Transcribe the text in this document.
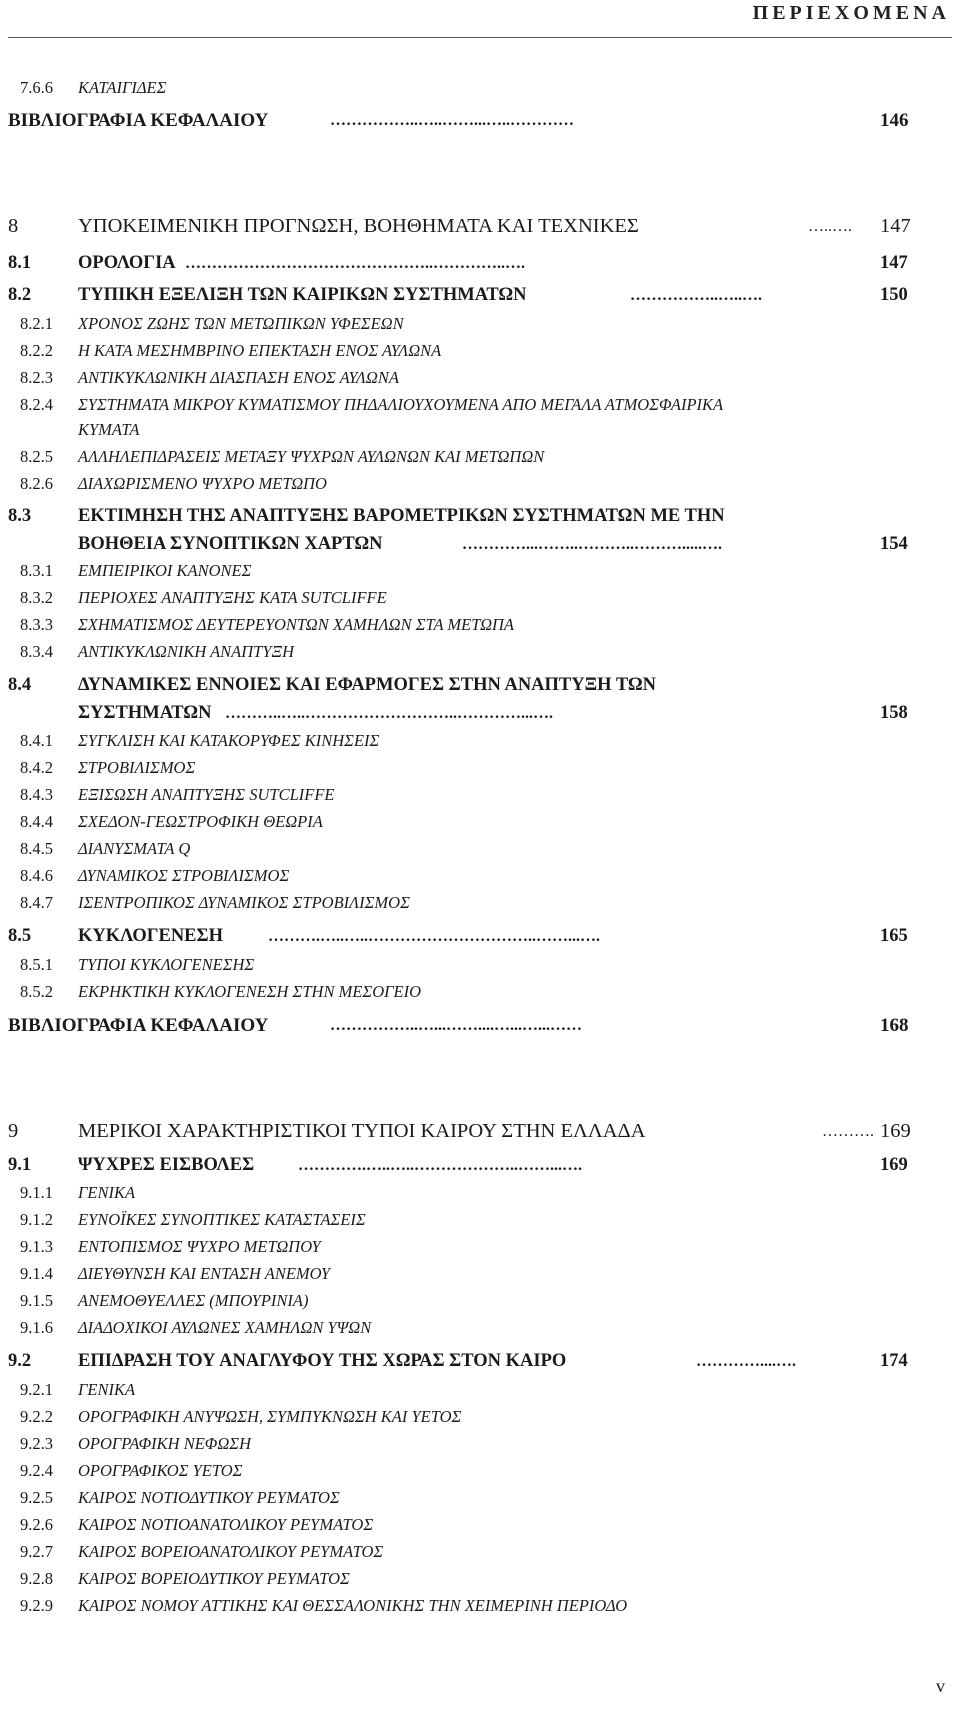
ΠΕΡΙΕΧΟΜΕΝΑ
7.6.6 ΚΑΤΑΙΓΙΔΕΣ
ΒΙΒΛΙΟΓΡΑΦΙΑ ΚΕΦΑΛΑΙΟΥ	……………..…..……...…..…………	146
8	ΥΠΟΚΕΙΜΕΝΙΚΗ ΠΡΟΓΝΩΣΗ, ΒΟΗΘΗΜΑΤΑ ΚΑΙ ΤΕΧΝΙΚΕΣ	…..…. 147
8.1	ΟΡΟΛΟΓΙΑ ………………………………………..…………..….	147
8.2	ΤΥΠΙΚΗ ΕΞΕΛΙΞΗ ΤΩΝ ΚΑΙΡΙΚΩΝ ΣΥΣΤΗΜΑΤΩΝ	……………..…..….	150
8.2.1 ΧΡΟΝΟΣ ΖΩΗΣ ΤΩΝ ΜΕΤΩΠΙΚΩΝ ΥΦΕΣΕΩΝ
8.2.2 Η ΚΑΤΑ ΜΕΣΗΜΒΡΙΝΟ ΕΠΕΚΤΑΣΗ ΕΝΟΣ ΑΥΛΩΝΑ
8.2.3 ΑΝΤΙΚΥΚΛΩΝΙΚΗ ΔΙΑΣΠΑΣΗ ΕΝΟΣ ΑΥΛΩΝΑ
8.2.4 ΣΥΣΤΗΜΑΤΑ ΜΙΚΡΟΥ ΚΥΜΑΤΙΣΜΟΥ ΠΗΔΑΛΙΟΥΧΟΥΜΕΝΑ ΑΠΟ ΜΕΓΑΛΑ ΑΤΜΟΣΦΑΙΡΙΚΑ
ΚΥΜΑΤΑ
8.2.5 ΑΛΛΗΛΕΠΙΔΡΑΣΕΙΣ ΜΕΤΑΞΥ ΨΥΧΡΩΝ ΑΥΛΩΝΩΝ ΚΑΙ ΜΕΤΩΠΩΝ
8.2.6 ΔΙΑΧΩΡΙΣΜΕΝΟ ΨΥΧΡΟ ΜΕΤΩΠΟ
8.3	ΕΚΤΙΜΗΣΗ ΤΗΣ ΑΝΑΠΤΥΞΗΣ ΒΑΡΟΜΕΤΡΙΚΩΝ ΣΥΣΤΗΜΑΤΩΝ ΜΕ ΤΗΝ
ΒΟΗΘΕΙΑ ΣΥΝΟΠΤΙΚΩΝ ΧΑΡΤΩΝ	…………...……..………..……….....….	154
8.3.1 ΕΜΠΕΙΡΙΚΟΙ ΚΑΝΟΝΕΣ
8.3.2 ΠΕΡΙΟΧΕΣ ΑΝΑΠΤΥΞΗΣ ΚΑΤΑ SUTCLIFFE
8.3.3 ΣΧΗΜΑΤΙΣΜΟΣ ΔΕΥΤΕΡΕΥΟΝΤΩΝ ΧΑΜΗΛΩΝ ΣΤΑ ΜΕΤΩΠΑ
8.3.4 ΑΝΤΙΚΥΚΛΩΝΙΚΗ ΑΝΑΠΤΥΞΗ
8.4	ΔΥΝΑΜΙΚΕΣ ΕΝΝΟΙΕΣ ΚΑΙ ΕΦΑΡΜΟΓΕΣ ΣΤΗΝ ΑΝΑΠΤΥΞΗ ΤΩΝ
ΣΥΣΤΗΜΑΤΩΝ ………..…..………………………..…………...….	158
8.4.1 ΣΥΓΚΛΙΣΗ ΚΑΙ ΚΑΤΑΚΟΡΥΦΕΣ ΚΙΝΗΣΕΙΣ
8.4.2 ΣΤΡΟΒΙΛΙΣΜΟΣ
8.4.3 ΕΞΙΣΩΣΗ ΑΝΑΠΤΥΞΗΣ SUTCLIFFE
8.4.4 ΣΧΕΔΟΝ-ΓΕΩΣΤΡΟΦΙΚΗ ΘΕΩΡΙΑ
8.4.5 ΔΙΑΝΥΣΜΑΤΑ Q
8.4.6 ΔΥΝΑΜΙΚΟΣ ΣΤΡΟΒΙΛΙΣΜΟΣ
8.4.7 ΙΣΕΝΤΡΟΠΙΚΟΣ ΔΥΝΑΜΙΚΟΣ ΣΤΡΟΒΙΛΙΣΜΟΣ
8.5	ΚΥΚΛΟΓΕΝΕΣΗ	……….…..…..…………………………..……...….	165
8.5.1 ΤΥΠΟΙ ΚΥΚΛΟΓΕΝΕΣΗΣ
8.5.2 ΕΚΡΗΚΤΙΚΗ ΚΥΚΛΟΓΕΝΕΣΗ ΣΤΗΝ ΜΕΣΟΓΕΙΟ
ΒΙΒΛΙΟΓΡΑΦΙΑ ΚΕΦΑΛΑΙΟΥ	……………..…...……....…...…...……	168
9	ΜΕΡΙΚΟΙ ΧΑΡΑΚΤΗΡΙΣΤΙΚΟΙ ΤΥΠΟΙ ΚΑΙΡΟΥ ΣΤΗΝ ΕΛΛΑΔΑ	………. 169
9.1	ΨΥΧΡΕΣ ΕΙΣΒΟΛΕΣ	………….…..…..………………..……...….	169
9.1.1 ΓΕΝΙΚΑ
9.1.2 ΕΥΝΟΪΚΕΣ ΣΥΝΟΠΤΙΚΕΣ ΚΑΤΑΣΤΑΣΕΙΣ
9.1.3 ΕΝΤΟΠΙΣΜΟΣ ΨΥΧΡΟ ΜΕΤΩΠΟΥ
9.1.4 ΔΙΕΥΘΥΝΣΗ ΚΑΙ ΕΝΤΑΣΗ ΑΝΕΜΟΥ
9.1.5 ΑΝΕΜΟΘΥΕΛΛΕΣ (ΜΠΟΥΡΙΝΙΑ)
9.1.6 ΔΙΑΔΟΧΙΚΟΙ ΑΥΛΩΝΕΣ ΧΑΜΗΛΩΝ ΥΨΩΝ
9.2	ΕΠΙΔΡΑΣΗ ΤΟΥ ΑΝΑΓΛΥΦΟΥ ΤΗΣ ΧΩΡΑΣ ΣΤΟΝ ΚΑΙΡΟ	…………....….	174
9.2.1 ΓΕΝΙΚΑ
9.2.2 ΟΡΟΓΡΑΦΙΚΗ ΑΝΥΨΩΣΗ, ΣΥΜΠΥΚΝΩΣΗ ΚΑΙ ΥΕΤΟΣ
9.2.3 ΟΡΟΓΡΑΦΙΚΗ ΝΕΦΩΣΗ
9.2.4 ΟΡΟΓΡΑΦΙΚΟΣ ΥΕΤΟΣ
9.2.5 ΚΑΙΡΟΣ ΝΟΤΙΟΔΥΤΙΚΟΥ ΡΕΥΜΑΤΟΣ
9.2.6 ΚΑΙΡΟΣ ΝΟΤΙΟΑΝΑΤΟΛΙΚΟΥ ΡΕΥΜΑΤΟΣ
9.2.7 ΚΑΙΡΟΣ ΒΟΡΕΙΟΑΝΑΤΟΛΙΚΟΥ ΡΕΥΜΑΤΟΣ
9.2.8 ΚΑΙΡΟΣ ΒΟΡΕΙΟΔΥΤΙΚΟΥ ΡΕΥΜΑΤΟΣ
9.2.9 ΚΑΙΡΟΣ ΝΟΜΟΥ ΑΤΤΙΚΗΣ ΚΑΙ ΘΕΣΣΑΛΟΝΙΚΗΣ ΤΗΝ ΧΕΙΜΕΡΙΝΗ ΠΕΡΙΟΔΟ
v
